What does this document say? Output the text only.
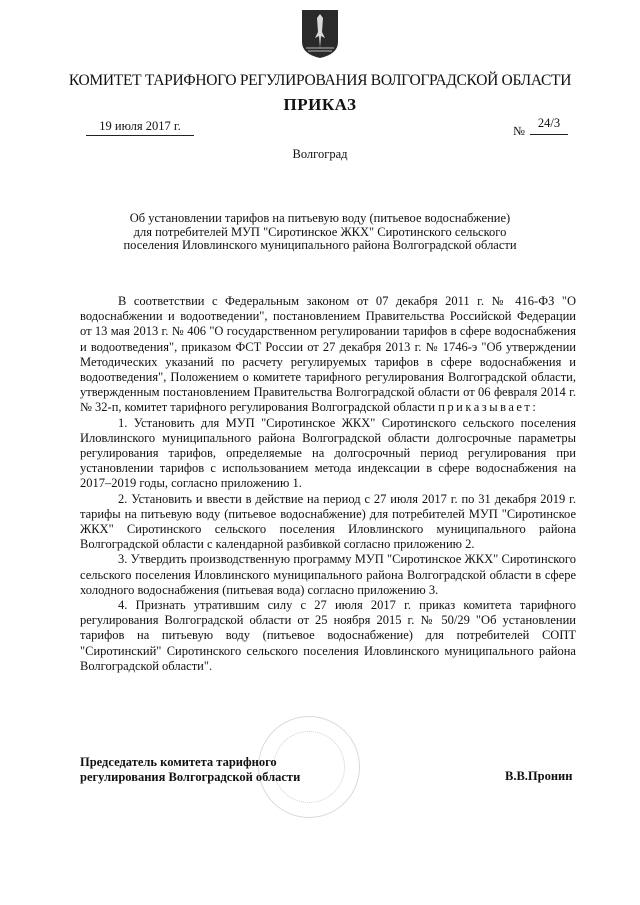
КОМИТЕТ ТАРИФНОГО РЕГУЛИРОВАНИЯ ВОЛГОГРАДСКОЙ ОБЛАСТИ
ПРИКАЗ
19 июля 2017 г.	№
24/3
Волгоград
Об установлении тарифов на питьевую воду (питьевое водоснабжение)
для потребителей МУП "Сиротинское ЖКХ" Сиротинского сельского
поселения Иловлинского муниципального района Волгоградской области

В соответствии с Федеральным законом от 07 декабря 2011 г. № 416-ФЗ "О водоснабжении и водоотведении", постановлением Правительства Российской Федерации от 13 мая 2013 г. № 406 "О государственном регулировании тарифов в сфере водоснабжения и водоотведения", приказом ФСТ России от 27 декабря 2013 г. № 1746-э "Об утверждении Методических указаний по расчету регулируемых тарифов в сфере водоснабжения и водоотведения", Положением о комитете тарифного регулирования Волгоградской области, утвержденным постановлением Правительства Волгоградской области от 06 февраля 2014 г. № 32-п, комитет тарифного регулирования Волгоградской области приказывает:

1. Установить для МУП "Сиротинское ЖКХ" Сиротинского сельского поселения Иловлинского муниципального района Волгоградской области долгосрочные параметры регулирования тарифов, определяемые на долгосрочный период регулирования при установлении тарифов с использованием метода индексации в сфере водоснабжения на 2017–2019 годы, согласно приложению 1.

2. Установить и ввести в действие на период с 27 июля 2017 г. по 31 декабря 2019 г. тарифы на питьевую воду (питьевое водоснабжение) для потребителей МУП "Сиротинское ЖКХ" Сиротинского сельского поселения Иловлинского муниципального района Волгоградской области с календарной разбивкой согласно приложению 2.

3. Утвердить производственную программу МУП "Сиротинское ЖКХ" Сиротинского сельского поселения Иловлинского муниципального района Волгоградской области в сфере холодного водоснабжения (питьевая вода) согласно приложению 3.

4. Признать утратившим силу с 27 июля 2017 г. приказ комитета тарифного регулирования Волгоградской области от 25 ноября 2015 г. № 50/29 "Об установлении тарифов на питьевую воду (питьевое водоснабжение) для потребителей СОПТ "Сиротинский" Сиротинского сельского поселения Иловлинского муниципального района Волгоградской области".

Председатель комитета тарифного
регулирования Волгоградской области	В.В.Пронин
